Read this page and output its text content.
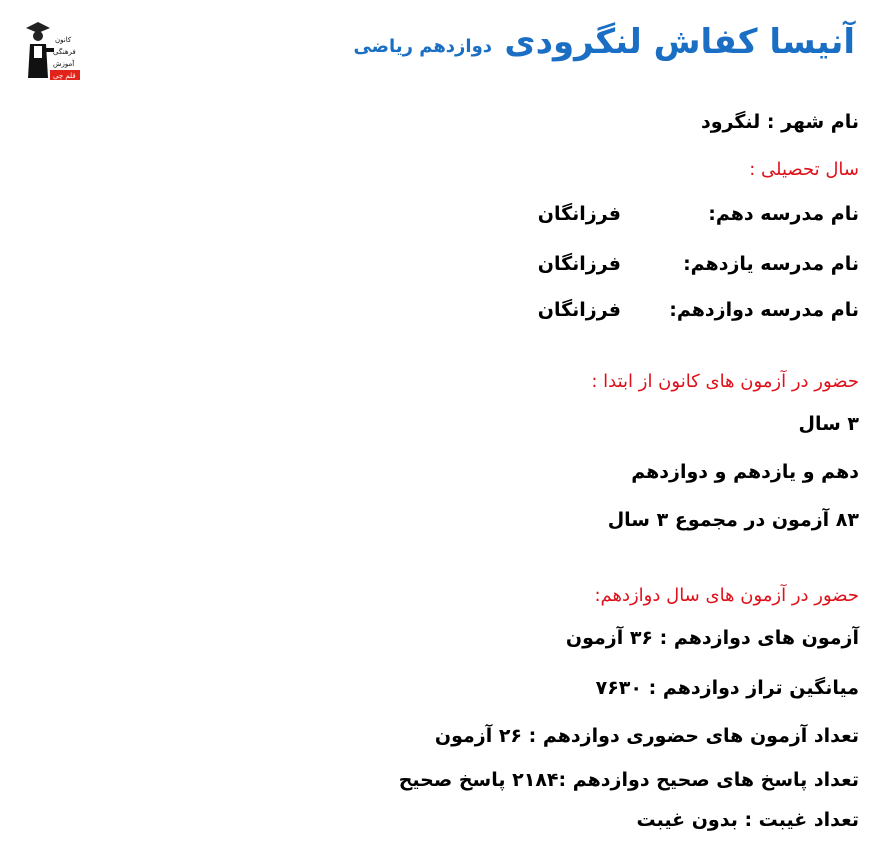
کانون
فرهنگی
آموزش
قلم چی
آنیسا کفاش لنگرودی
دوازدهم ریاضی
نام شهر : لنگرود
سال تحصیلی :
نام مدرسه دهم:فرزانگان
نام مدرسه یازدهم:فرزانگان
نام مدرسه دوازدهم:فرزانگان
حضور در آزمون های کانون از ابتدا :
۳ سال
دهم و یازدهم و دوازدهم
۸۳ آزمون در مجموع ۳ سال
حضور در آزمون های سال دوازدهم:
آزمون های دوازدهم : ۳۶ آزمون
میانگین تراز دوازدهم : ۷۶۳۰
تعداد آزمون های حضوری دوازدهم : ۲۶ آزمون
تعداد پاسخ های صحیح دوازدهم :۲۱۸۴ پاسخ صحیح
تعداد غیبت : بدون غیبت
